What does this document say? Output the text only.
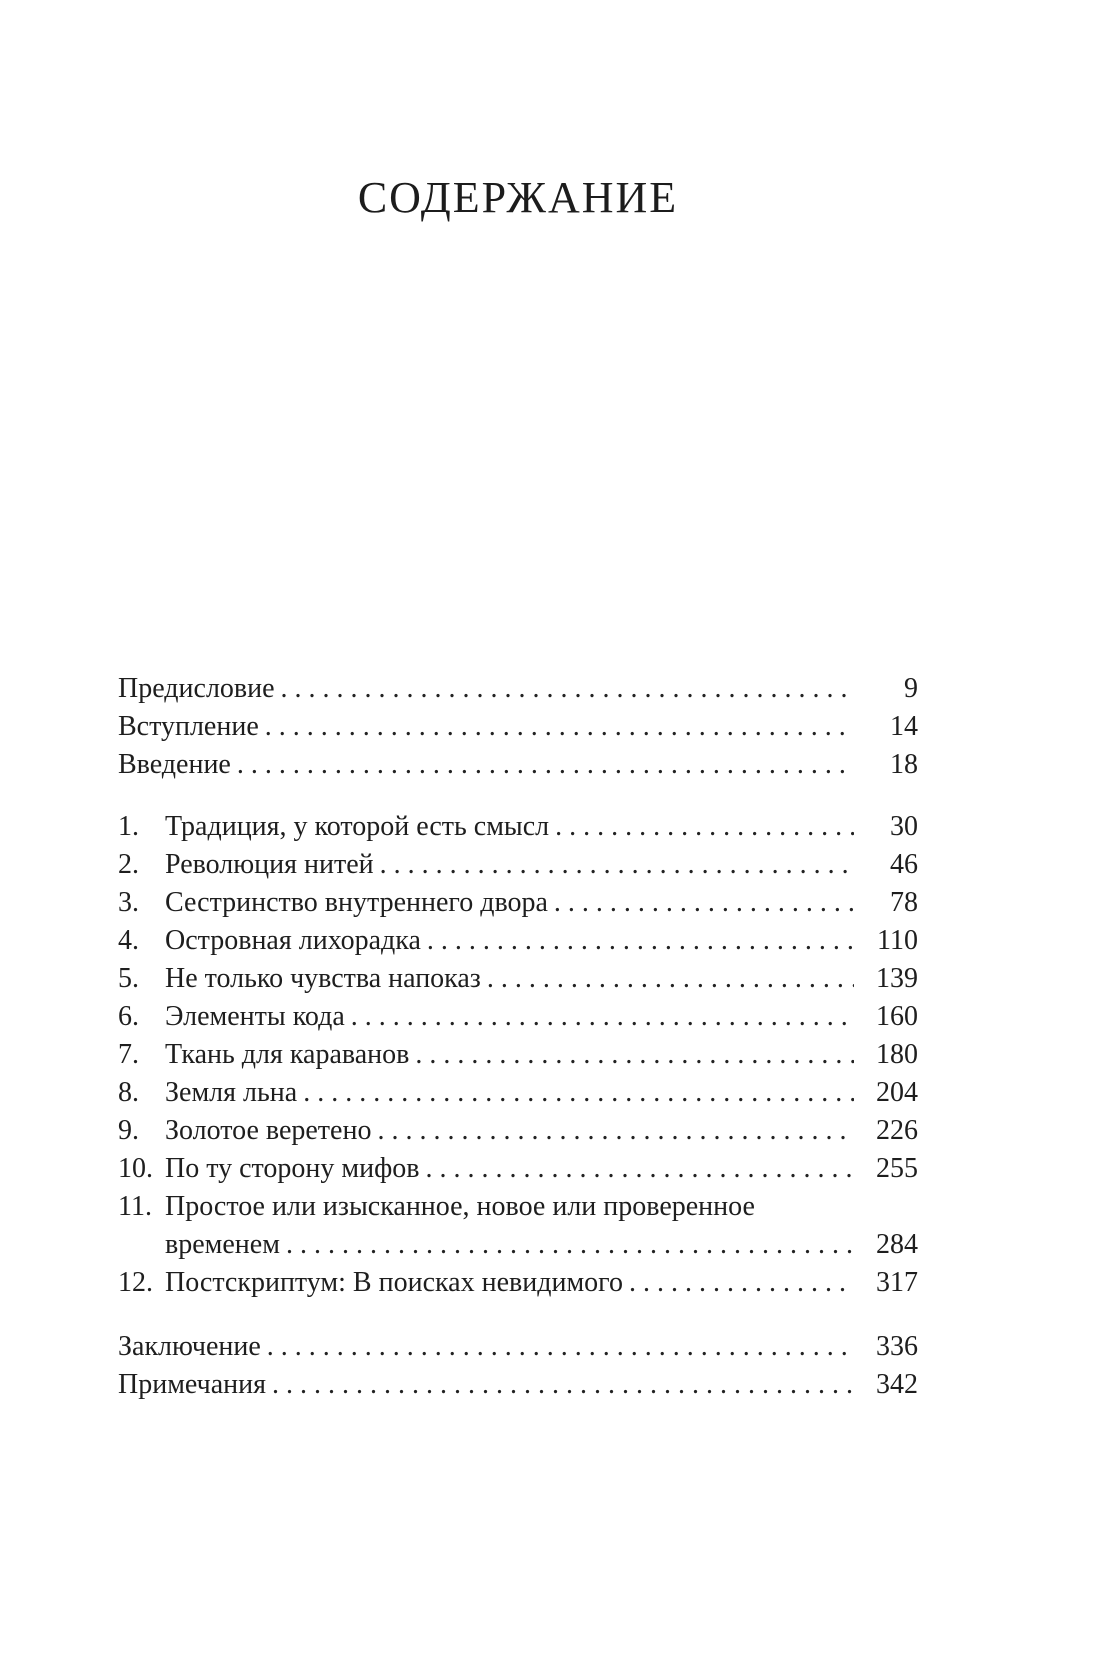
СОДЕРЖАНИЕ
Предисловие . . .	9
Вступление . . .	14
Введение . . .	18
1. Традиция, у которой есть смысл . . .	30
2. Революция нитей . . .	46
3. Сестринство внутреннего двора . . .	78
4. Островная лихорадка . . .	110
5. Не только чувства напоказ . . .	139
6. Элементы кода . . .	160
7. Ткань для караванов . . .	180
8. Земля льна . . .	204
9. Золотое веретено . . .	226
10. По ту сторону мифов . . .	255
11. Простое или изысканное, новое или проверенное
временем . . .	284
12. Постскриптум: В поисках невидимого . . .	317
Заключение . . .	336
Примечания . . .	342
